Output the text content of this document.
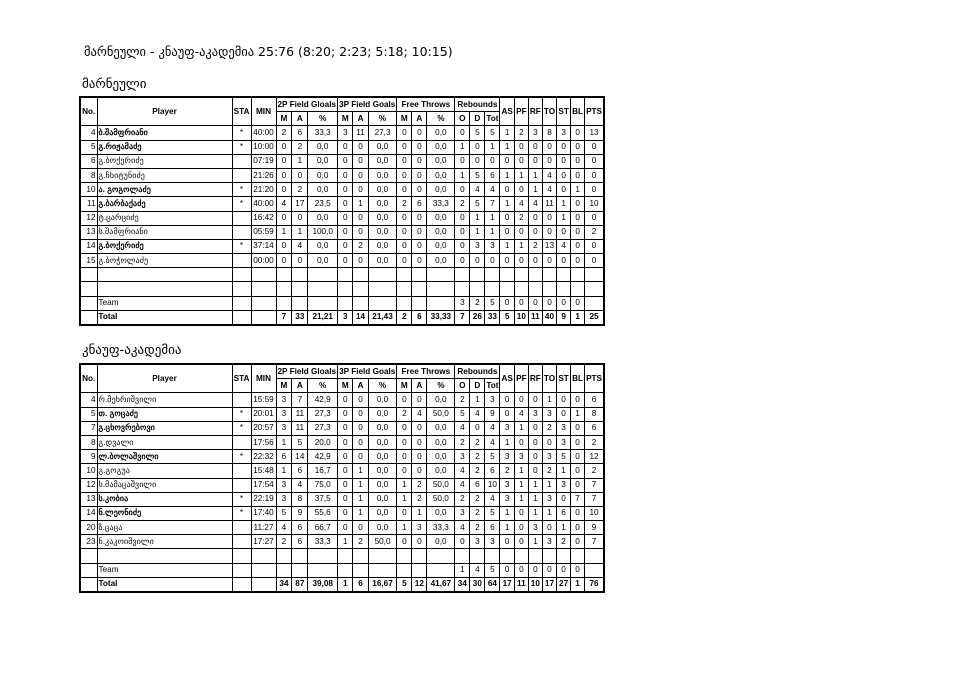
მარნეული - კნაუფ-აკადემია 25:76 (8:20; 2:23; 5:18; 10:15)
მარნეული
No.	Player	STA	MIN	2P Field Gloals			3P Field Goals			Free Throws			Rebounds			AS	PF	RF	TO	ST	BL	PTS
				M	A	%	M	A	%	M	A	%	O	D	Tot							
4	ბ.შამფრიანი	*	40:00	2	6	33,3	3	11	27,3	0	0	0,0	0	5	5	1	2	3	8	3	0	13
5	გ.რიჟამაძე	*	10:00	0	2	0,0	0	0	0,0	0	0	0,0	1	0	1	1	0	0	0	0	0	0
6	გ.ბოქერიძე		07:19	0	1	0,0	0	0	0,0	0	0	0,0	0	0	0	0	0	0	0	0	0	0
8	გ.ჩხიტუნიძე		21:26	0	0	0,0	0	0	0,0	0	0	0,0	1	5	6	1	1	1	4	0	0	0
10	ა. გოგოლაძე	*	21:20	0	2	0,0	0	0	0,0	0	0	0,0	0	4	4	0	0	1	4	0	1	0
11	გ.ბარბაქაძე	*	40:00	4	17	23,5	0	1	0,0	2	6	33,3	2	5	7	1	4	4	11	1	0	10
12	ტ.ცარციძე		16:42	0	0	0,0	0	0	0,0	0	0	0,0	0	1	1	0	2	0	0	1	0	0
13	ს.შამფრიანი		05:59	1	1	100,0	0	0	0,0	0	0	0,0	0	1	1	0	0	0	0	0	0	2
14	გ.ბოქერიძე	*	37:14	0	4	0,0	0	2	0,0	0	0	0,0	0	3	3	1	1	2	13	4	0	0
15	გ.ბოჭოლაძე		00:00	0	0	0,0	0	0	0,0	0	0	0,0	0	0	0	0	0	0	0	0	0	0

	Team												3	2	5	0	0	0	0	0	0	
	Total			7	33	21,21	3	14	21,43	2	6	33,33	7	26	33	5	10	11	40	9	1	25
კნაუფ-აკადემია
No.	Player	STA	MIN	2P Field Gloals			3P Field Goals			Free Throws			Rebounds			AS	PF	RF	TO	ST	BL	PTS
				M	A	%	M	A	%	M	A	%	O	D	Tot							
4	რ.მეხრიშვილი		15:59	3	7	42,9	0	0	0,0	0	0	0,0	2	1	3	0	0	0	1	0	0	6
5	თ. გოცაძე	*	20:01	3	11	27,3	0	0	0,0	2	4	50,0	5	4	9	0	4	3	3	0	1	8
7	გ.ცხოვრებოვი	*	20:57	3	11	27,3	0	0	0,0	0	0	0,0	4	0	4	3	1	0	2	3	0	6
8	გ.დვალი		17:56	1	5	20,0	0	0	0,0	0	0	0,0	2	2	4	1	0	0	0	3	0	2
9	ლ.ბოლაშვილი	*	22:32	6	14	42,9	0	0	0,0	0	0	0,0	3	2	5	3	3	0	3	5	0	12
10	გ.გოგუა		15:48	1	6	16,7	0	1	0,0	0	0	0,0	4	2	6	2	1	0	2	1	0	2
12	ს.მამაცაშვილი		17:54	3	4	75,0	0	1	0,0	1	2	50,0	4	6	10	3	1	1	1	3	0	7
13	ს.კობია	*	22:19	3	8	37,5	0	1	0,0	1	2	50,0	2	2	4	3	1	1	3	0	7	7
14	ნ.ლეონიძე	*	17:40	5	9	55,6	0	1	0,0	0	1	0,0	3	2	5	1	0	1	1	6	0	10
20	ზ.ცაცა		11:27	4	6	66,7	0	0	0,0	1	3	33,3	4	2	6	1	0	3	0	1	0	9
23	ნ.კაკოიშვილი		17:27	2	6	33,3	1	2	50,0	0	0	0,0	0	3	3	0	0	1	3	2	0	7

	Team												1	4	5	0	0	0	0	0	0	
	Total			34	87	39,08	1	6	16,67	5	12	41,67	34	30	64	17	11	10	17	27	1	76
